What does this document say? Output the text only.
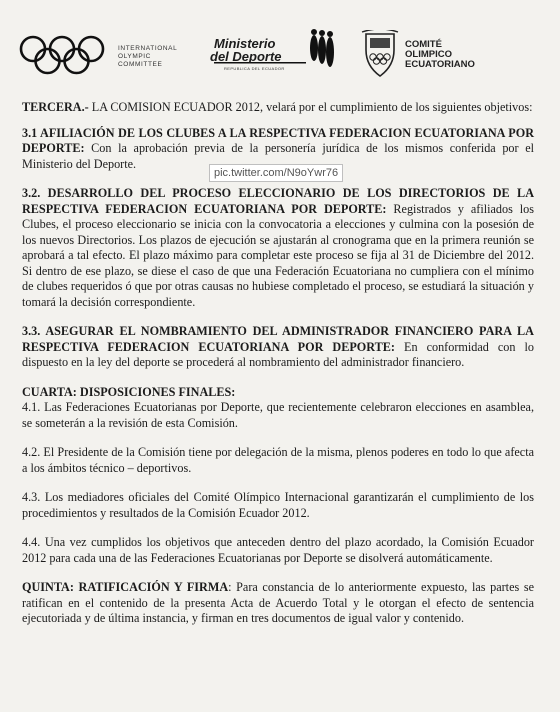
INTERNATIONAL
OLYMPIC
COMMITTEE
Ministerio
del Deporte
REPUBLICA DEL ECUADOR
COMITÉ
OLIMPICO
ECUATORIANO

TERCERA.- LA COMISION ECUADOR 2012, velará por el cumplimiento de los siguientes objetivos:

3.1 AFILIACIÓN DE LOS CLUBES A LA RESPECTIVA FEDERACION ECUATORIANA POR DEPORTE: Con la aprobación previa de la personería jurídica de los mismos conferida por el Ministerio del Deporte.

3.2. DESARROLLO DEL PROCESO ELECCIONARIO DE LOS DIRECTORIOS DE LA RESPECTIVA FEDERACION ECUATORIANA POR DEPORTE: Registrados y afiliados los Clubes, el proceso eleccionario se inicia con la convocatoria a elecciones y culmina con la posesión de los nuevos Directorios. Los plazos de ejecución se ajustarán al cronograma que en la primera reunión se aprobará a tal efecto. El plazo máximo para completar este proceso se fija al 31 de Diciembre del 2012. Si dentro de ese plazo, se diese el caso de que una Federación Ecuatoriana no cumpliera con el mínimo de clubes requeridos ó que por otras causas no hubiese completado el proceso, se estudiará la situación y tomará la decisión correspondiente.

3.3. ASEGURAR EL NOMBRAMIENTO DEL ADMINISTRADOR FINANCIERO PARA LA RESPECTIVA FEDERACION ECUATORIANA POR DEPORTE: En conformidad con lo dispuesto en la ley del deporte se procederá al nombramiento del administrador financiero.

CUARTA: DISPOSICIONES FINALES:

4.1. Las Federaciones Ecuatorianas por Deporte, que recientemente celebraron elecciones en asamblea, se someterán a la revisión de esta Comisión.

4.2. El Presidente de la Comisión tiene por delegación de la misma, plenos poderes en todo lo que afecta a los ámbitos técnico – deportivos.

4.3. Los mediadores oficiales del Comité Olímpico Internacional garantizarán el cumplimiento de los procedimientos y resultados de la Comisión Ecuador 2012.

4.4. Una vez cumplidos los objetivos que anteceden dentro del plazo acordado, la Comisión Ecuador 2012 para cada una de las Federaciones Ecuatorianas por Deporte se disolverá automáticamente.

QUINTA: RATIFICACIÓN Y FIRMA: Para constancia de lo anteriormente expuesto, las partes se ratifican en el contenido de la presenta Acta de Acuerdo Total y le otorgan el efecto de sentencia ejecutoriada y de última instancia, y firman en tres documentos de igual valor y contenido.

pic.twitter.com/N9oYwr76
